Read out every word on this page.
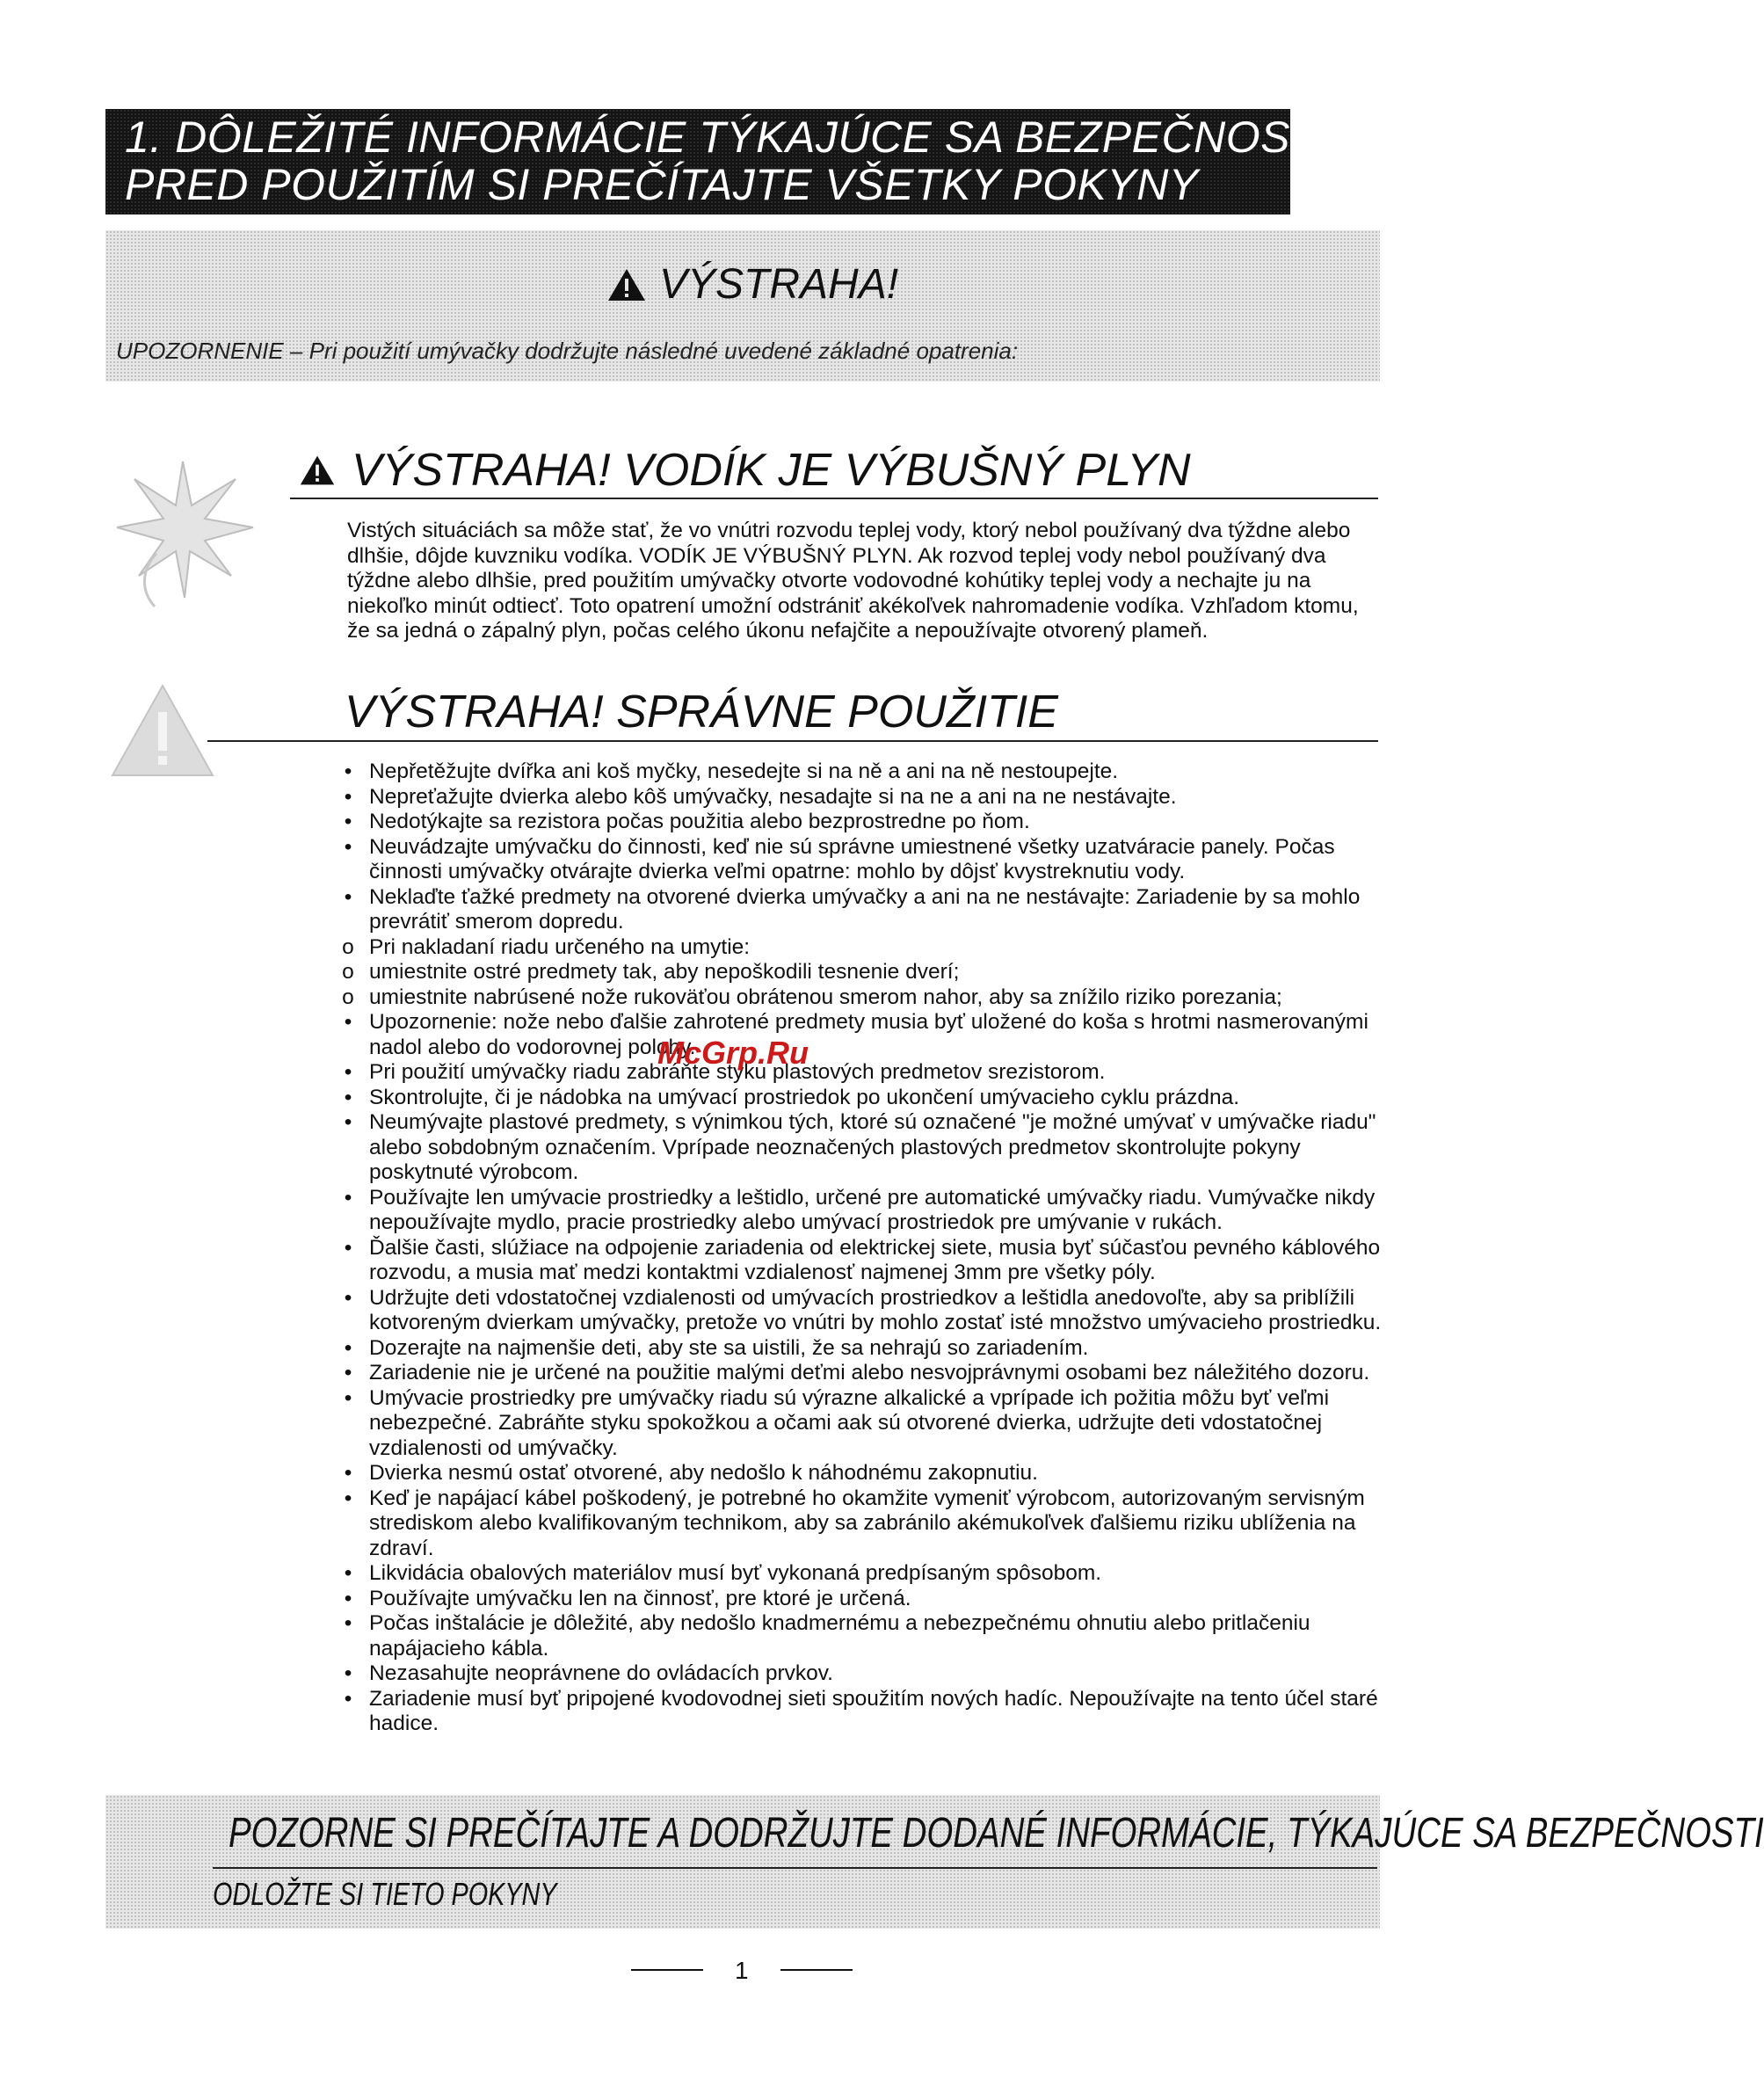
1. DÔLEŽITÉ INFORMÁCIE TÝKAJÚCE SA BEZPEČNOSTI
PRED POUŽITÍM SI PREČÍTAJTE VŠETKY POKYNY
VÝSTRAHA!
UPOZORNENIE – Pri použití umývačky dodržujte následné uvedené základné opatrenia:
VÝSTRAHA! VODÍK JE VÝBUŠNÝ PLYN
Vistých situáciách sa môže stať, že vo vnútri rozvodu teplej vody, ktorý nebol používaný dva týždne alebo dlhšie, dôjde kuvzniku vodíka. VODÍK JE VÝBUŠNÝ PLYN. Ak rozvod teplej vody nebol používaný dva týždne alebo dlhšie, pred použitím umývačky otvorte vodovodné kohútiky teplej vody a nechajte ju na niekoľko minút odtiecť. Toto opatrení umožní odstrániť akékoľvek nahromadenie vodíka. Vzhľadom ktomu, že sa jedná o zápalný plyn, počas celého úkonu nefajčite a nepoužívajte otvorený plameň.
VÝSTRAHA! SPRÁVNE POUŽITIE
• Nepřetěžujte dvířka ani koš myčky, nesedejte si na ně a ani na ně nestoupejte.
• Nepreťažujte dvierka alebo kôš umývačky, nesadajte si na ne a ani na ne nestávajte.
• Nedotýkajte sa rezistora počas použitia alebo bezprostredne po ňom.
• Neuvádzajte umývačku do činnosti, keď nie sú správne umiestnené všetky uzatváracie panely. Počas činnosti umývačky otvárajte dvierka veľmi opatrne: mohlo by dôjsť kvystreknutiu vody.
• Neklaďte ťažké predmety na otvorené dvierka umývačky a ani na ne nestávajte: Zariadenie by sa mohlo prevrátiť smerom dopredu.
o Pri nakladaní riadu určeného na umytie:
o umiestnite ostré predmety tak, aby nepoškodili tesnenie dverí;
o umiestnite nabrúsené nože rukoväťou obrátenou smerom nahor, aby sa znížilo riziko porezania;
• Upozornenie: nože nebo ďalšie zahrotené predmety musia byť uložené do koša s hrotmi nasmerovanými nadol alebo do vodorovnej polohy.
• Pri použití umývačky riadu zabráňte styku plastových predmetov srezistorom.
• Skontrolujte, či je nádobka na umývací prostriedok po ukončení umývacieho cyklu prázdna.
• Neumývajte plastové predmety, s výnimkou tých, ktoré sú označené "je možné umývať v umývačke riadu" alebo sobdobným označením. Vprípade neoznačených plastových predmetov skontrolujte pokyny poskytnuté výrobcom.
• Používajte len umývacie prostriedky a leštidlo, určené pre automatické umývačky riadu. Vumývačke nikdy nepoužívajte mydlo, pracie prostriedky alebo umývací prostriedok pre umývanie v rukách.
• Ďalšie časti, slúžiace na odpojenie zariadenia od elektrickej siete, musia byť súčasťou pevného káblového rozvodu, a musia mať medzi kontaktmi vzdialenosť najmenej 3mm pre všetky póly.
• Udržujte deti vdostatočnej vzdialenosti od umývacích prostriedkov a leštidla anedovoľte, aby sa priblížili kotvoreným dvierkam umývačky, pretože vo vnútri by mohlo zostať isté množstvo umývacieho prostriedku.
• Dozerajte na najmenšie deti, aby ste sa uistili, že sa nehrajú so zariadením.
• Zariadenie nie je určené na použitie malými deťmi alebo nesvojprávnymi osobami bez náležitého dozoru.
• Umývacie prostriedky pre umývačky riadu sú výrazne alkalické a vprípade ich požitia môžu byť veľmi nebezpečné. Zabráňte styku spokožkou a očami aak sú otvorené dvierka, udržujte deti vdostatočnej vzdialenosti od umývačky.
• Dvierka nesmú ostať otvorené, aby nedošlo k náhodnému zakopnutiu.
• Keď je napájací kábel poškodený, je potrebné ho okamžite vymeniť výrobcom, autorizovaným servisným strediskom alebo kvalifikovaným technikom, aby sa zabránilo akémukoľvek ďalšiemu riziku ublíženia na zdraví.
• Likvidácia obalových materiálov musí byť vykonaná predpísaným spôsobom.
• Používajte umývačku len na činnosť, pre ktoré je určená.
• Počas inštalácie je dôležité, aby nedošlo knadmernému a nebezpečnému ohnutiu alebo pritlačeniu napájacieho kábla.
• Nezasahujte neoprávnene do ovládacích prvkov.
• Zariadenie musí byť pripojené kvodovodnej sieti spoužitím nových hadíc. Nepoužívajte na tento účel staré hadice.
McGrp.Ru
POZORNE SI PREČÍTAJTE A DODRŽUJTE DODANÉ INFORMÁCIE, TÝKAJÚCE SA BEZPEČNOSTI
ODLOŽTE SI TIETO POKYNY
1
